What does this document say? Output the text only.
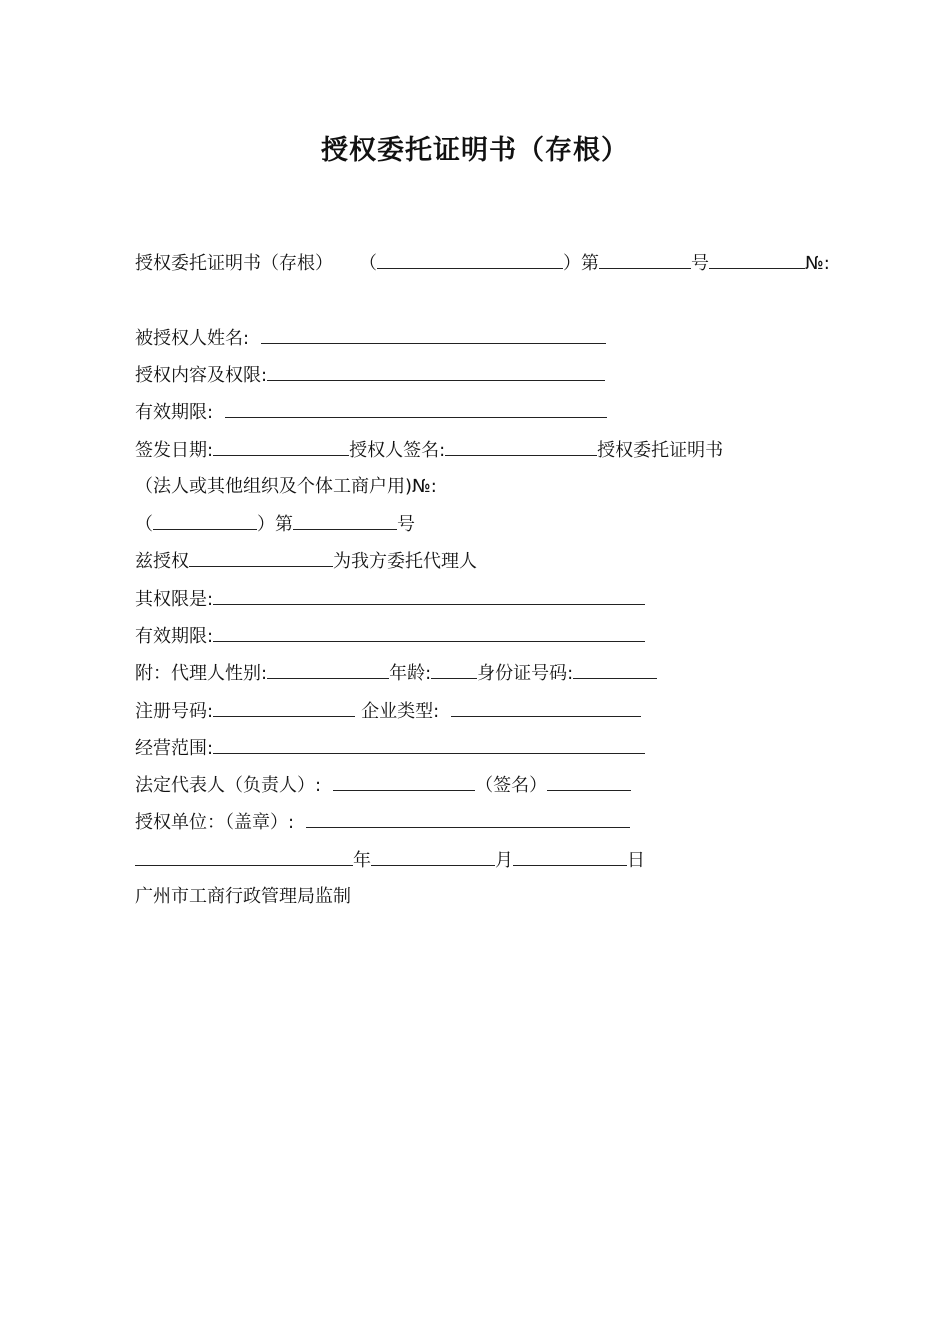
授权委托证明书（存根）
授权委托证明书（存根） （	）第	号	№:
被授权人姓名:
授权内容及权限:
有效期限:
签发日期:	授权人签名:	授权委托证明书
（法人或其他组织及个体工商户用)№:
（	）第	号
兹授权	为我方委托代理人
其权限是:
有效期限:
附：代理人性别:	年龄:	身份证号码:
注册号码:	企业类型:
经营范围:
法定代表人（负责人）:	（签名）
授权单位：（盖章）:
年	月	日
广州市工商行政管理局监制
